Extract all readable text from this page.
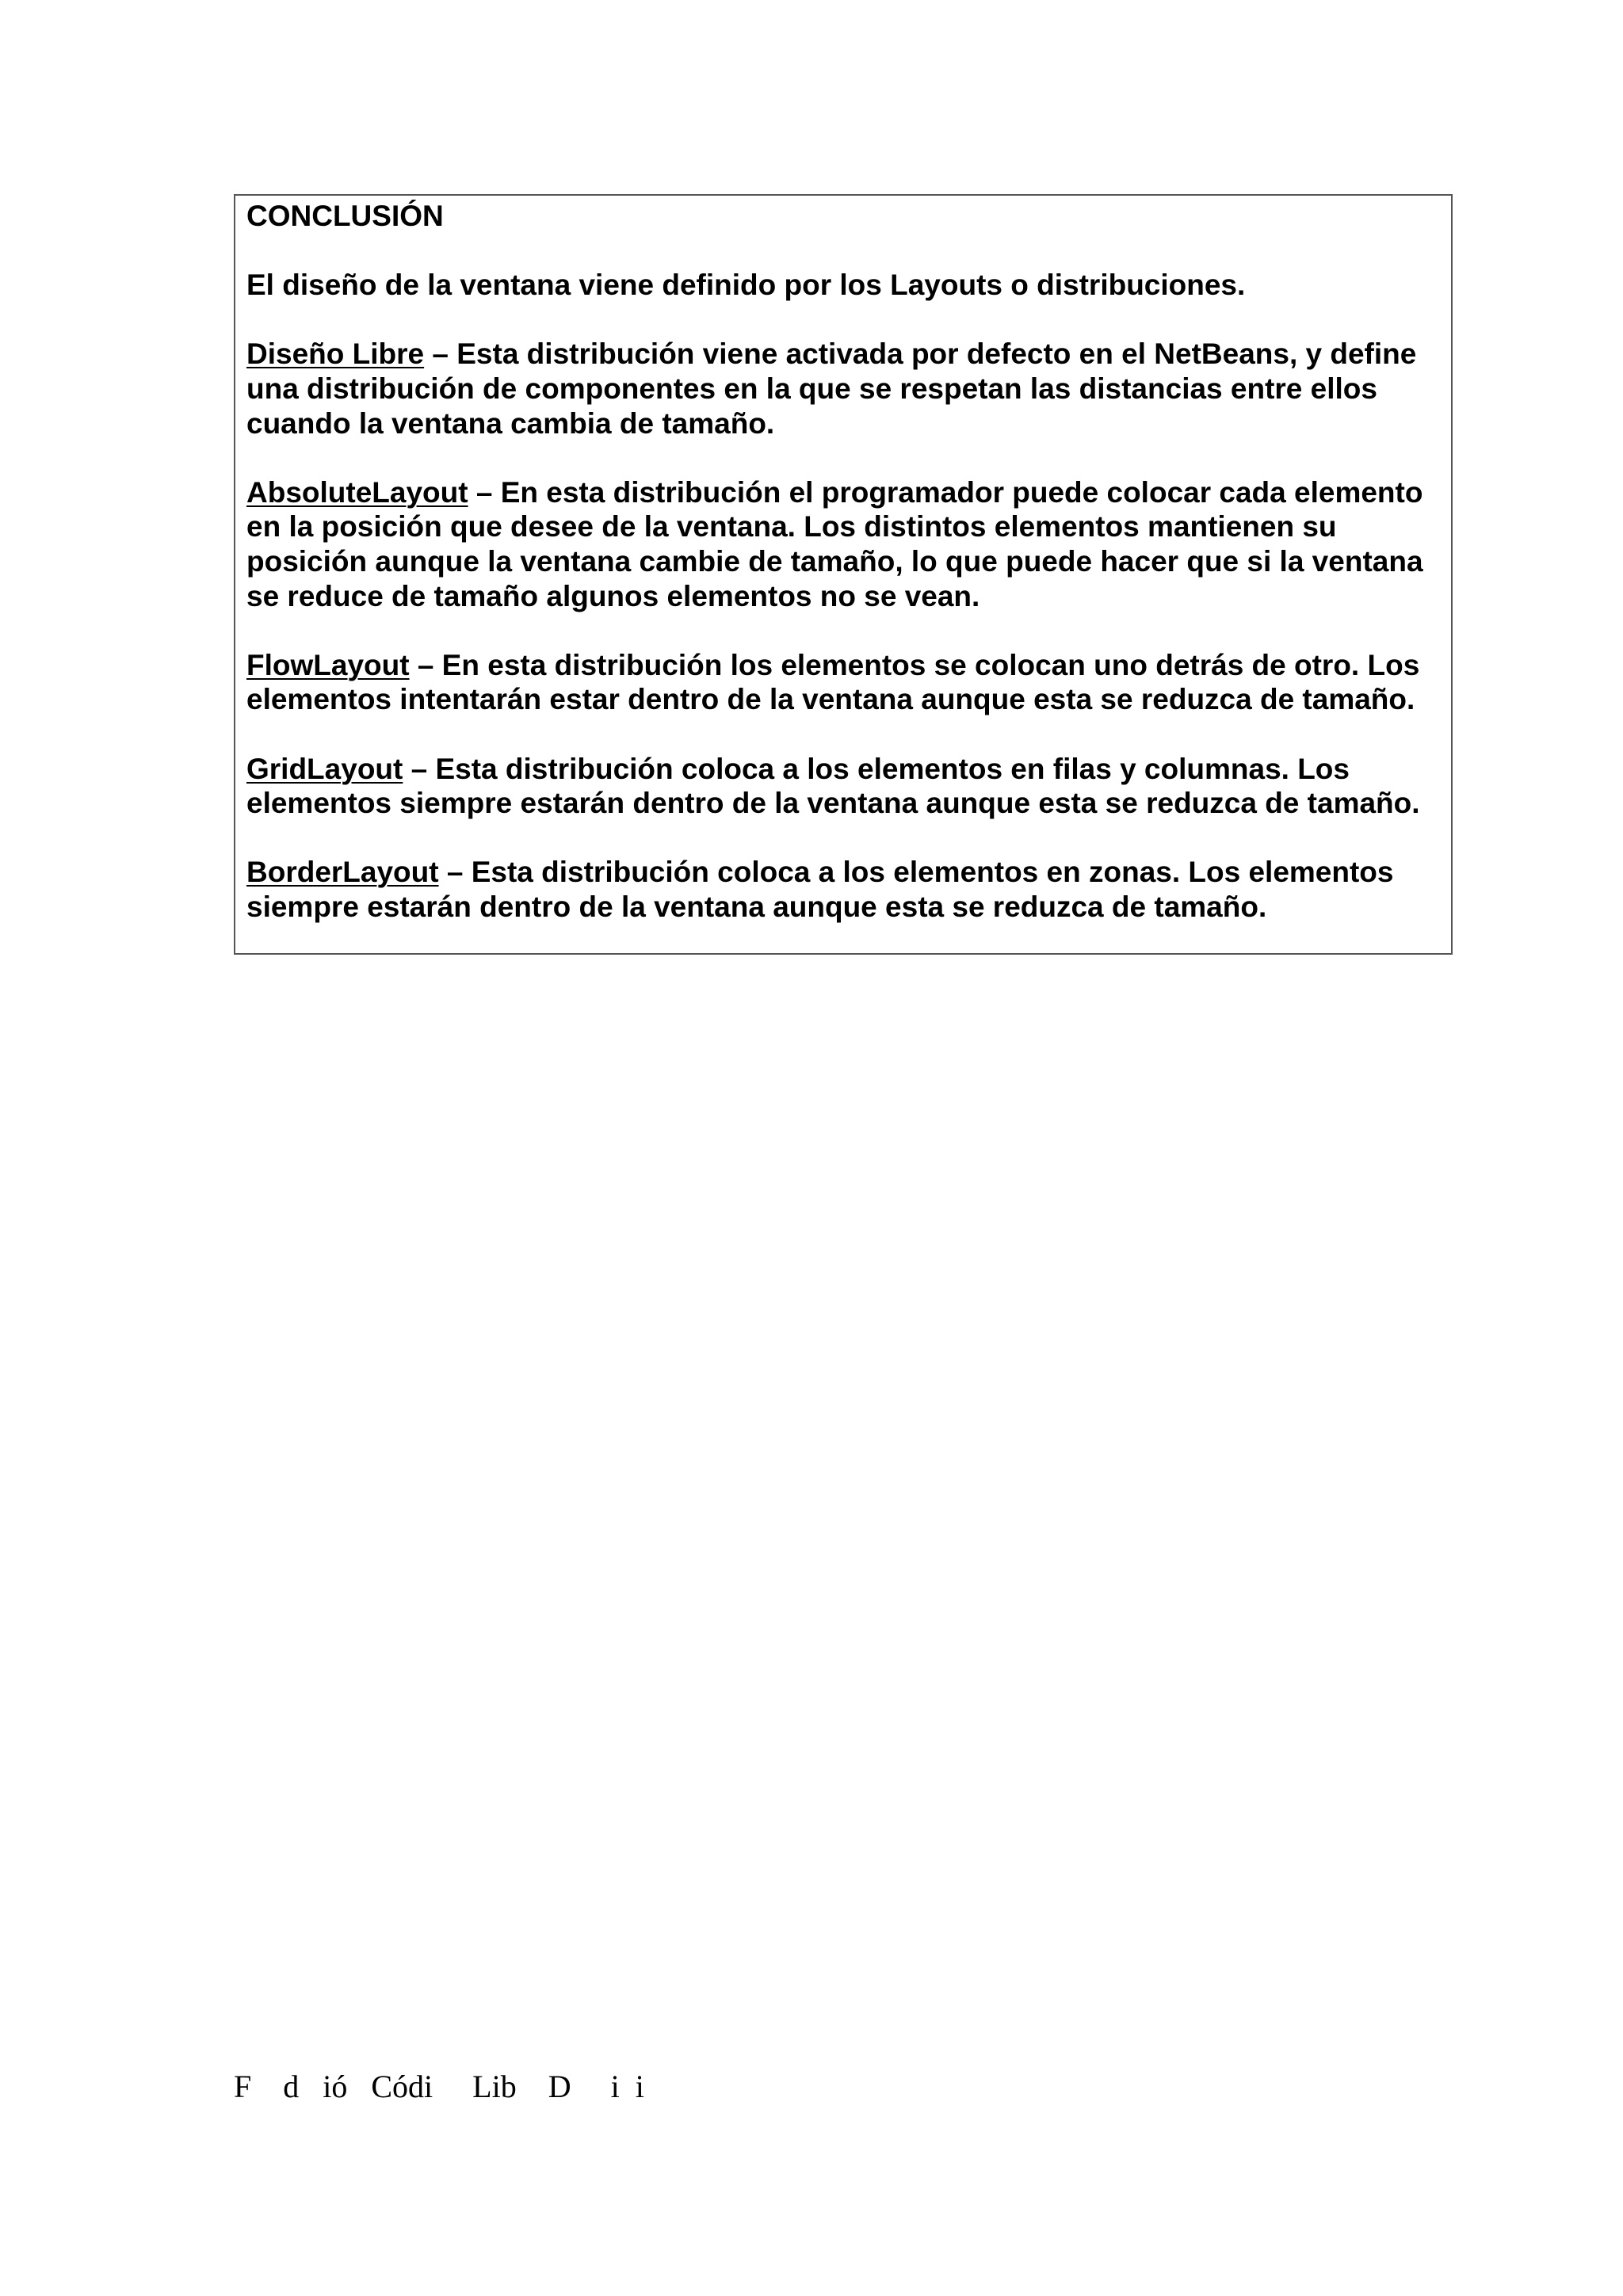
CONCLUSIÓN

El diseño de la ventana viene definido por los Layouts o distribuciones.

Diseño Libre – Esta distribución viene activada por defecto en el NetBeans, y define una distribución de componentes en la que se respetan las distancias entre ellos cuando la ventana cambia de tamaño.

AbsoluteLayout – En esta distribución el programador puede colocar cada elemento en la posición que desee de la ventana. Los distintos elementos mantienen su posición aunque la ventana cambie de tamaño, lo que puede hacer que si la ventana se reduce de tamaño algunos elementos no se vean.

FlowLayout – En esta distribución los elementos se colocan uno detrás de otro. Los elementos intentarán estar dentro de la ventana aunque esta se reduzca de tamaño.

GridLayout – Esta distribución coloca a los elementos en filas y columnas. Los elementos siempre estarán dentro de la ventana aunque esta se reduzca de tamaño.

BorderLayout – Esta distribución coloca a los elementos en zonas. Los elementos siempre estarán dentro de la ventana aunque esta se reduzca de tamaño.

F    d   ió   Códi     Lib    D     i  i
